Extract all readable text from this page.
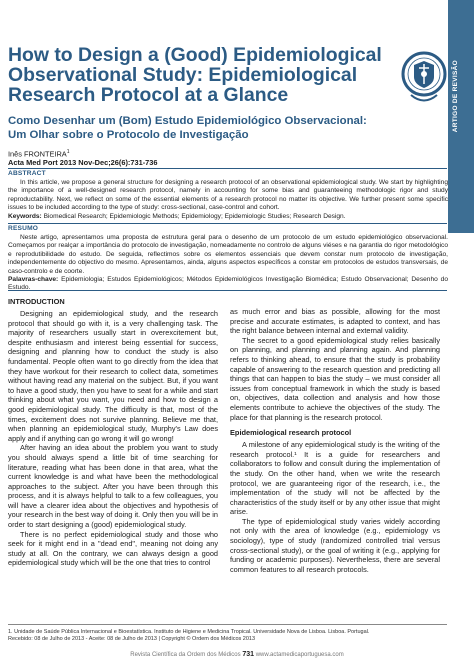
ARTIGO DE REVISÃO
How to Design a (Good) Epidemiological
Observational Study: Epidemiological
Research Protocol at a Glance
Como Desenhar um (Bom) Estudo Epidemiológico Observacional:
Um Olhar sobre o Protocolo de Investigação
Inês FRONTEIRA$^1$
Acta Med Port 2013 Nov-Dec;26(6):731-736
ABSTRACT

In this article, we propose a general structure for designing a research protocol of an observational epidemiological study. We start by highlighting the importance of a well-designed research protocol, namely in accounting for some bias and guaranteeing methodologic rigor and study reproductability. Next, we reflect on some of the essential elements of a research protocol no matter its objective. We further present some specific issues to be included according to the type of study: cross-sectional, case-control and cohort.

Keywords: Biomedical Research; Epidemiologic Methods; Epidemiology; Epidemiologic Studies; Research Design.

RESUMO

Neste artigo, apresentamos uma proposta de estrutura geral para o desenho de um protocolo de um estudo epidemiológico observacional. Começamos por realçar a importância do protocolo de investigação, nomeadamente no controlo de alguns viéses e na garantia do rigor metodológico e reprodutibilidade do estudo. De seguida, reflectimos sobre os elementos essenciais que devem constar num protocolo de investigação, independentemente do objectivo do mesmo. Apresentamos, ainda, alguns aspectos específicos a constar em protocolos de estudos transversais, de caso-controlo e de coorte.

Palavras-chave: Epidemiologia; Estudos Epidemiológicos; Métodos Epidemiológicos Investigação Biomédica; Estudo Observacional; Desenho do Estudo.

INTRODUCTION

Designing an epidemiological study, and the research protocol that should go with it, is a very challenging task. The majority of researchers usually start in overexcitement but, despite enthusiasm and interest being essential for success, designing and planning how to conduct the study is also fundamental. People often want to go directly from the idea that they have workout for their research to collect data, sometimes without having read any material on the subject. But, if you want to have a good study, then you have to seat for a while and start thinking about what you want, you need and how to design a good epidemiological study. The difficulty is that, most of the times, excitement does not survive planning. Believe me that, when planning an epidemiological study, Murphy's Law does apply and if anything can go wrong it will go wrong!

After having an idea about the problem you want to study you should always spend a little bit of time searching for literature, reading what has been done in that area, what the current knowledge is and what have been the methodological approaches to the subject. After you have been through this process, and it is always helpful to talk to a few colleagues, you will have a clearer idea about the objectives and hypothesis of your research in the best way of doing it. Only then you will be in order to start designing a (good) epidemiological study.

There is no perfect epidemiological study and those who seek for it might end in a "dead end", meaning not doing any study at all. On the contrary, we can always design a good epidemiological study which will be the one that tries to control

as much error and bias as possible, allowing for the most precise and accurate estimates, is adapted to context, and has the right balance between internal and external validity.

The secret to a good epidemiological study relies basically on planning, and planning and planning again. And planning refers to thinking ahead, to ensure that the study is probability capable of answering to the research question and predicting all things that can happen to bias the study – we must consider all issues from conceptual framework in which the study is based on, objectives, data collection and analysis and how those elements contribute to achieve the objectives of the study. The place for that planning is the research protocol.

Epidemiological research protocol

A milestone of any epidemiological study is the writing of the research protocol.¹ It is a guide for researchers and collaborators to follow and consult during the implementation of the study. On the other hand, when we write the research protocol, we are guaranteeing rigor of the research, i.e., the implementation of the study will not be affected by the characteristics of the study itself or by any other issue that might arise.

The type of epidemiological study varies widely according not only with the area of knowledge (e.g., epidemiology vs sociology), type of study (randomized controlled trial versus cross-sectional study), or the goal of writing it (e.g., applying for funding or academic purposes). Nevertheless, there are several common features to all research protocols.

1. Unidade de Saúde Pública Internacional e Bioestatística. Instituto de Higiene e Medicina Tropical. Universidade Nova de Lisboa. Lisboa. Portugal.
Recebido: 08 de Julho de 2013 - Aceite: 08 de Julho de 2013 | Copyright © Ordem dos Médicos 2013
Revista Científica da Ordem dos Médicos 731 www.actamedicaportuguesa.com
